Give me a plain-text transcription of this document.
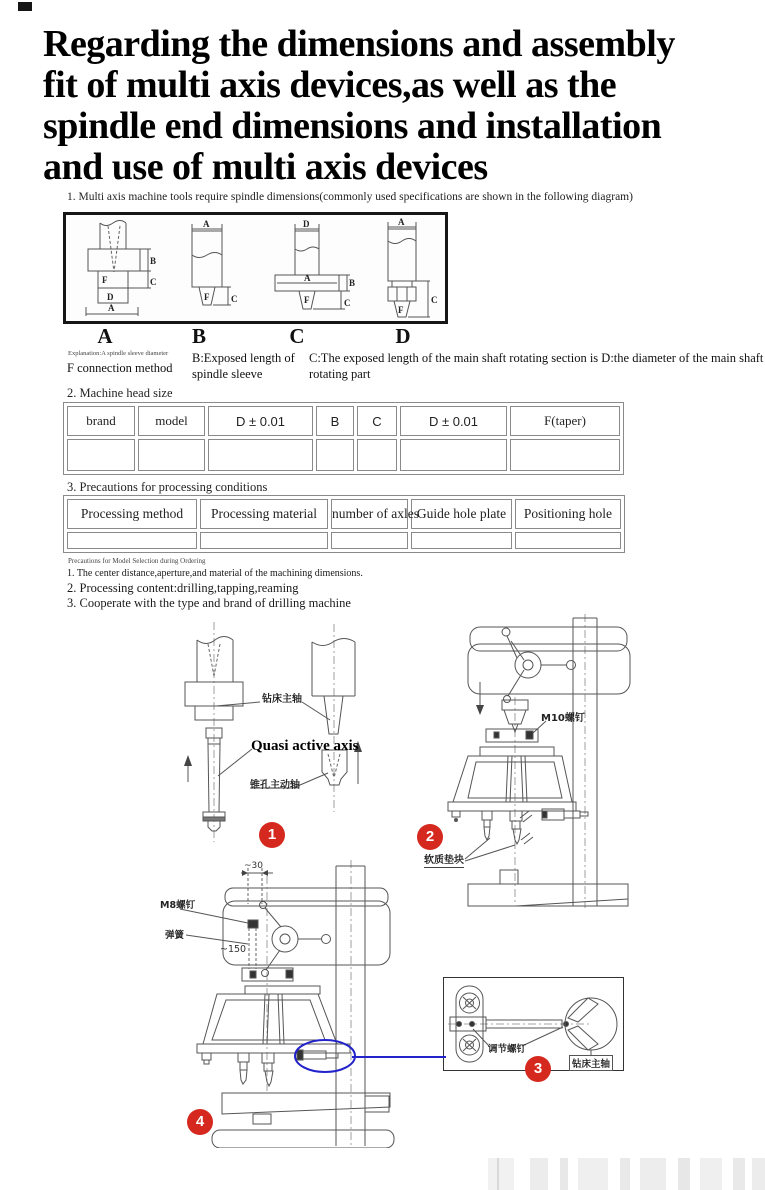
Regarding the dimensions and assembly
fit of multi axis devices,as well as the
spindle end dimensions and installation
and use of multi axis devices
1. Multi axis machine tools require spindle dimensions(commonly used specifications are shown in the following diagram)
B
C
F
D
A
A
F C
D
A	B
F	C
A
F
C
A	B	C	D
Explanation:A spindle sleeve diameter
F connection method
B:Exposed length of
spindle sleeve
C:The exposed length of the main shaft rotating section is D:the diameter of the main shaft rotating part
2. Machine head size
brand	model	D ± 0.01	B	C	D ± 0.01	F(taper)

3. Precautions for processing conditions
Processing method	Processing material	number of axles	Guide hole plate	Positioning hole

Precautions for Model Selection during Ordering
1. The center distance,aperture,and material of the machining dimensions.
2. Processing content:drilling,tapping,reaming
3. Cooperate with the type and brand of drilling machine
钻床主轴
Quasi active axis
锥孔主动轴
1
M10螺钉
软质垫块
2
~30
M8螺钉
弹簧
~150
4
调节螺钉
钻床主轴
3
